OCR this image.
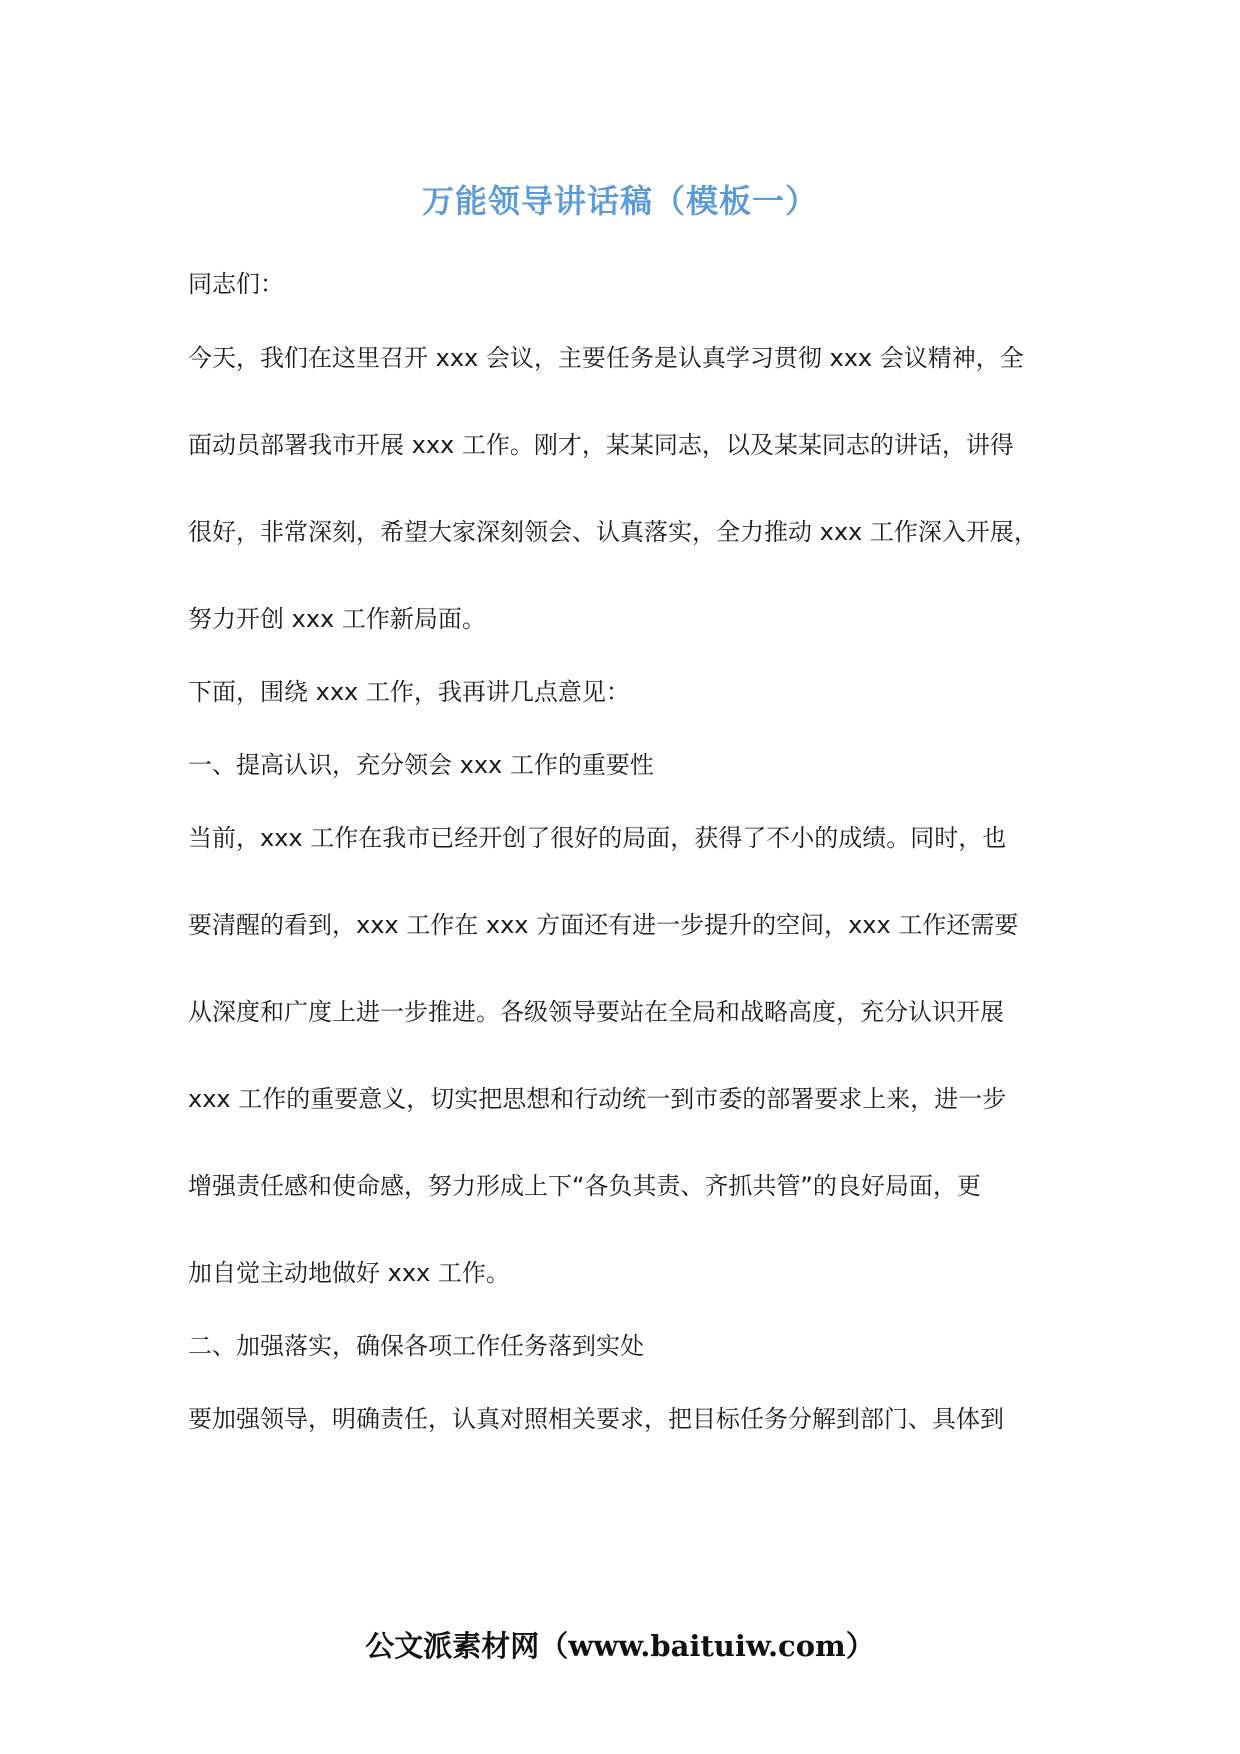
万能领导讲话稿（模板一）
同志们：
今天，我们在这里召开 xxx 会议，主要任务是认真学习贯彻 xxx 会议精神，全
面动员部署我市开展 xxx 工作。刚才，某某同志，以及某某同志的讲话，讲得
很好，非常深刻，希望大家深刻领会、认真落实，全力推动 xxx 工作深入开展，
努力开创 xxx 工作新局面。
下面，围绕 xxx 工作，我再讲几点意见：
一、提高认识，充分领会 xxx 工作的重要性
当前，xxx 工作在我市已经开创了很好的局面，获得了不小的成绩。同时，也
要清醒的看到，xxx 工作在 xxx 方面还有进一步提升的空间，xxx 工作还需要
从深度和广度上进一步推进。各级领导要站在全局和战略高度，充分认识开展
xxx 工作的重要意义，切实把思想和行动统一到市委的部署要求上来，进一步
增强责任感和使命感，努力形成上下“各负其责、齐抓共管”的良好局面，更
加自觉主动地做好 xxx 工作。
二、加强落实，确保各项工作任务落到实处
要加强领导，明确责任，认真对照相关要求，把目标任务分解到部门、具体到
公文派素材网（www.baituiw.com）
